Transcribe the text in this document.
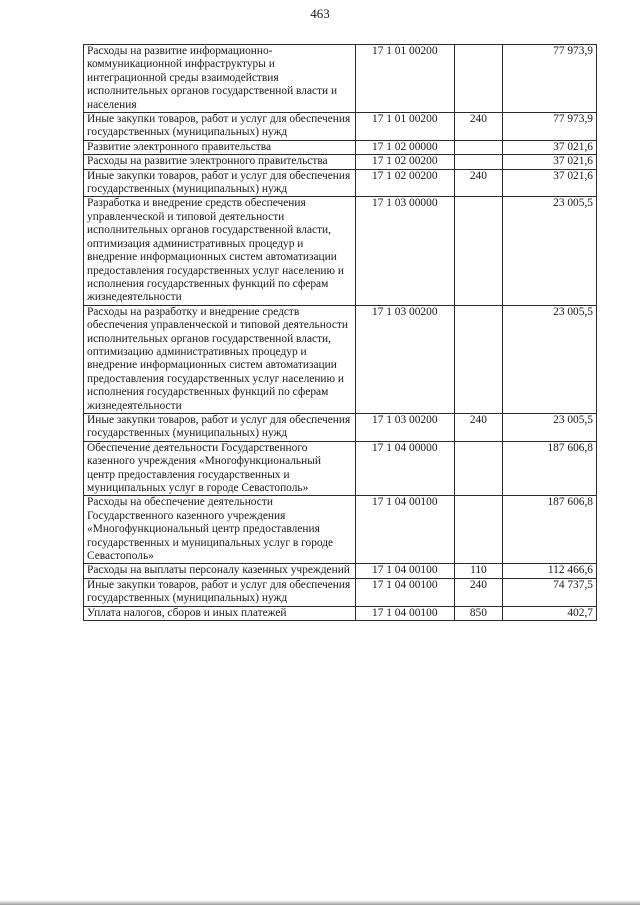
463
Расходы на развитие информационно-коммуникационной инфраструктуры и интеграционной среды взаимодействия исполнительных органов государственной власти и населения	17 1 01 00200		77 973,9
Иные закупки товаров, работ и услуг для обеспечения государственных (муниципальных) нужд	17 1 01 00200	240	77 973,9
Развитие электронного правительства	17 1 02 00000		37 021,6
Расходы на развитие электронного правительства	17 1 02 00200		37 021,6
Иные закупки товаров, работ и услуг для обеспечения государственных (муниципальных) нужд	17 1 02 00200	240	37 021,6
Разработка и внедрение средств обеспечения управленческой и типовой деятельности исполнительных органов государственной власти, оптимизация административных процедур и внедрение информационных систем автоматизации предоставления государственных услуг населению и исполнения государственных функций по сферам жизнедеятельности	17 1 03 00000		23 005,5
Расходы на разработку и внедрение средств обеспечения управленческой и типовой деятельности исполнительных органов государственной власти, оптимизацию административных процедур и внедрение информационных систем автоматизации предоставления государственных услуг населению и исполнения государственных функций по сферам жизнедеятельности	17 1 03 00200		23 005,5
Иные закупки товаров, работ и услуг для обеспечения государственных (муниципальных) нужд	17 1 03 00200	240	23 005,5
Обеспечение деятельности Государственного казенного учреждения «Многофункциональный центр предоставления государственных и муниципальных услуг в городе Севастополь»	17 1 04 00000		187 606,8
Расходы на обеспечение деятельности Государственного казенного учреждения «Многофункциональный центр предоставления государственных и муниципальных услуг в городе Севастополь»	17 1 04 00100		187 606,8
Расходы на выплаты персоналу казенных учреждений	17 1 04 00100	110	112 466,6
Иные закупки товаров, работ и услуг для обеспечения государственных (муниципальных) нужд	17 1 04 00100	240	74 737,5
Уплата налогов, сборов и иных платежей	17 1 04 00100	850	402,7
